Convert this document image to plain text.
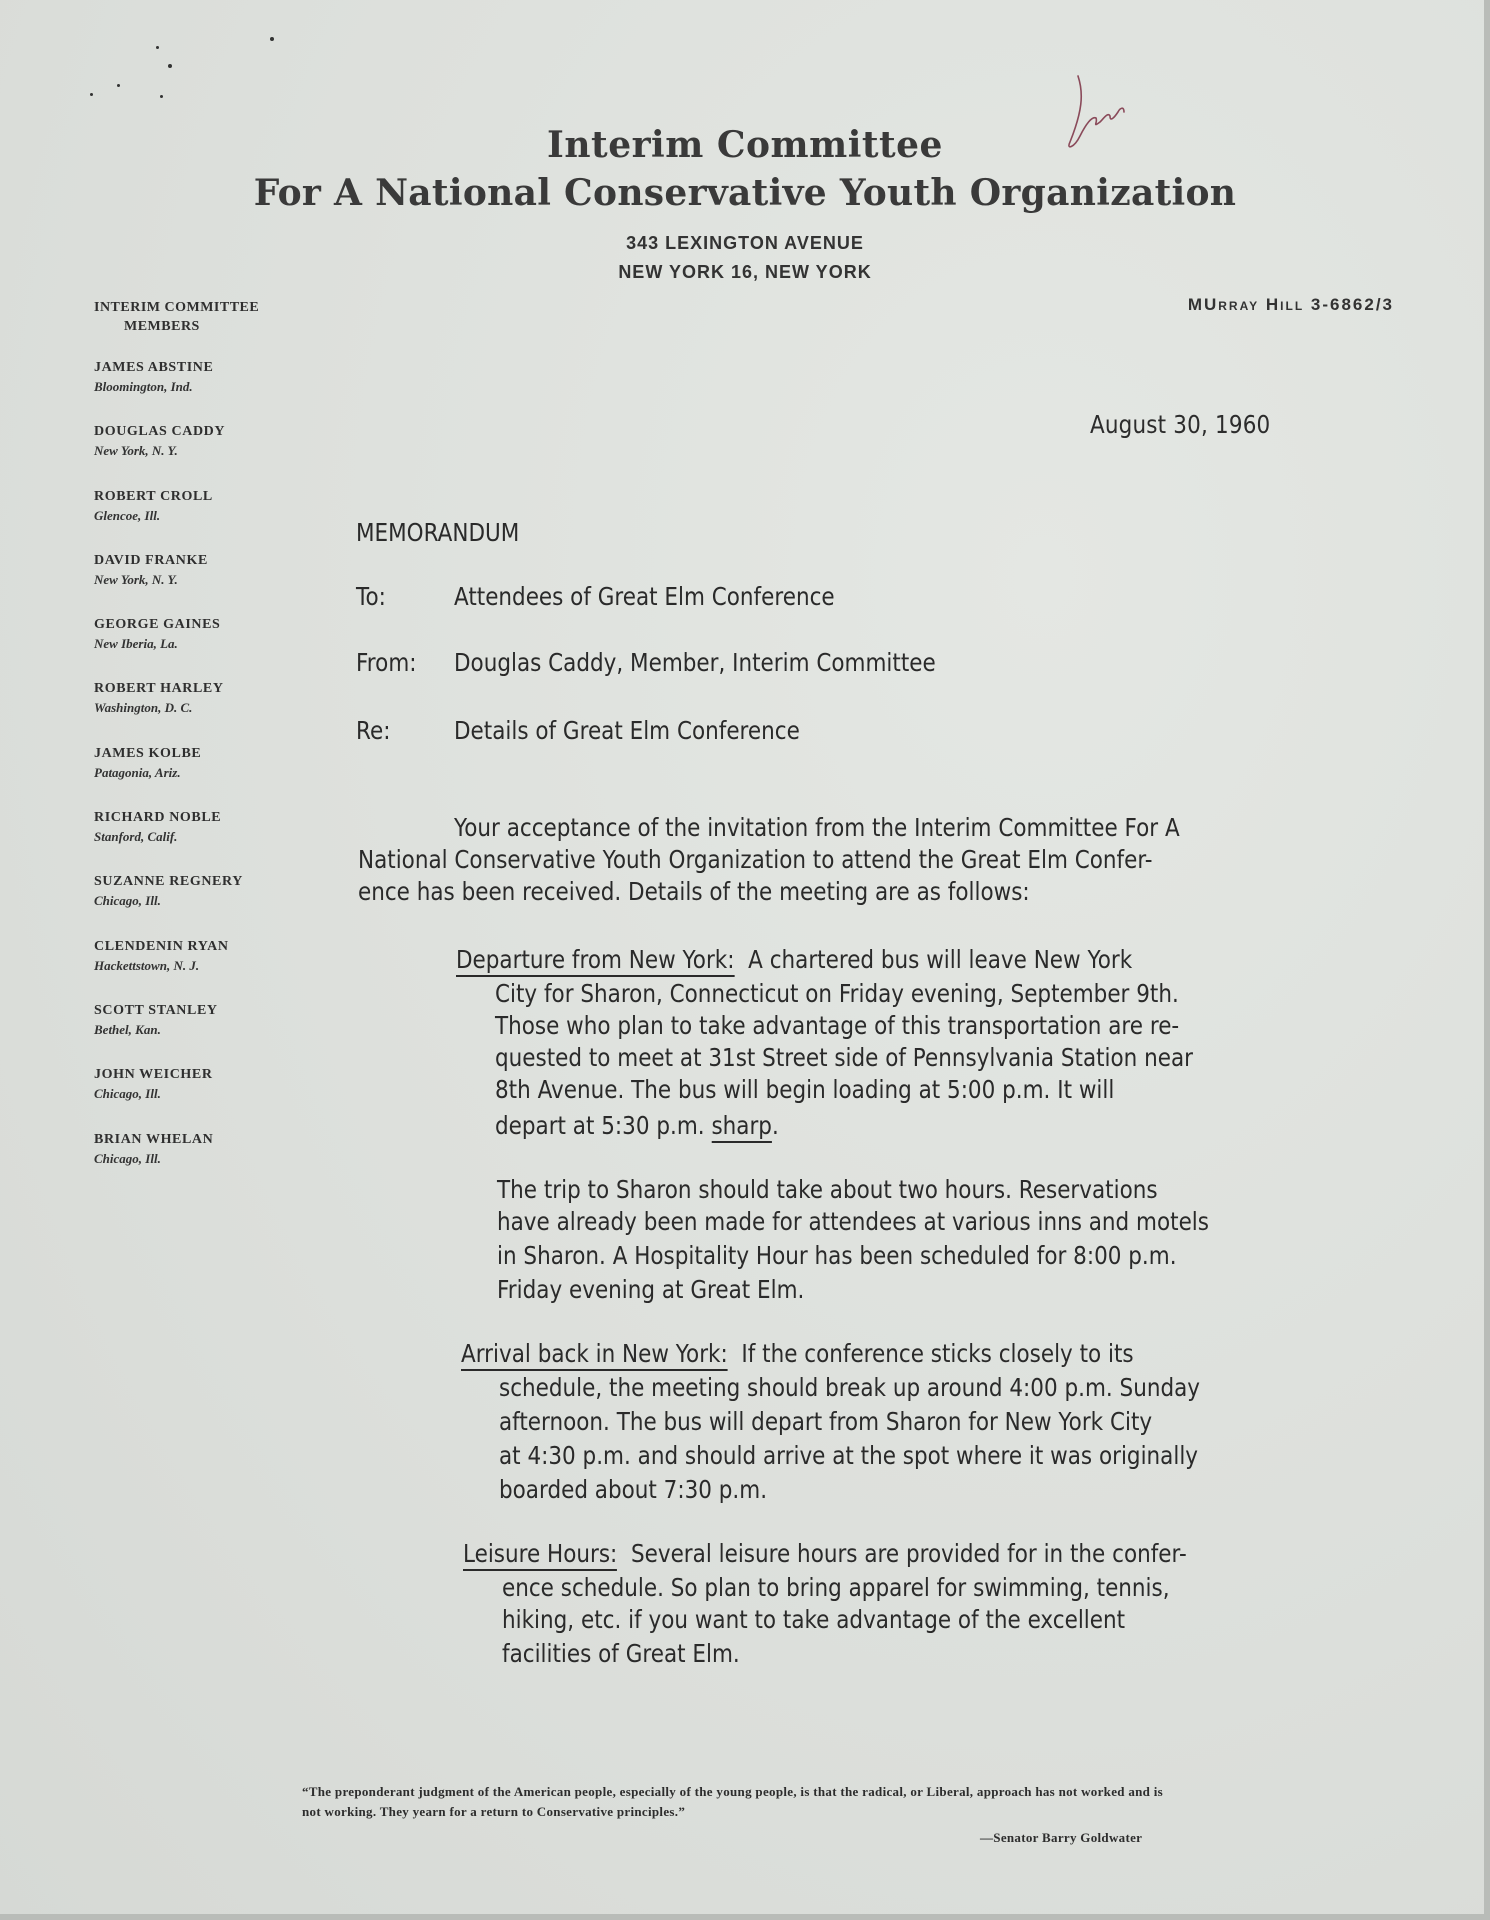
Interim Committee
For A National Conservative Youth Organization
343 LEXINGTON AVENUE
NEW YORK 16, NEW YORK
MUrray Hill 3-6862/3
INTERIM COMMITTEE
MEMBERS
JAMES ABSTINE
Bloomington, Ind.
DOUGLAS CADDY
New York, N. Y.
ROBERT CROLL
Glencoe, Ill.
DAVID FRANKE
New York, N. Y.
GEORGE GAINES
New Iberia, La.
ROBERT HARLEY
Washington, D. C.
JAMES KOLBE
Patagonia, Ariz.
RICHARD NOBLE
Stanford, Calif.
SUZANNE REGNERY
Chicago, Ill.
CLENDENIN RYAN
Hackettstown, N. J.
SCOTT STANLEY
Bethel, Kan.
JOHN WEICHER
Chicago, Ill.
BRIAN WHELAN
Chicago, Ill.
August 30, 1960
MEMORANDUM
To:	Attendees of Great Elm Conference
From: Douglas Caddy, Member, Interim Committee
Re:	Details of Great Elm Conference
Your acceptance of the invitation from the Interim Committee For A
National Conservative Youth Organization to attend the Great Elm Confer-
ence has been received. Details of the meeting are as follows:
Departure from New York: A chartered bus will leave New York
City for Sharon, Connecticut on Friday evening, September 9th.
Those who plan to take advantage of this transportation are re-
quested to meet at 31st Street side of Pennsylvania Station near
8th Avenue. The bus will begin loading at 5:00 p.m. It will
depart at 5:30 p.m. sharp.
The trip to Sharon should take about two hours. Reservations
have already been made for attendees at various inns and motels
in Sharon. A Hospitality Hour has been scheduled for 8:00 p.m.
Friday evening at Great Elm.
Arrival back in New York: If the conference sticks closely to its
schedule, the meeting should break up around 4:00 p.m. Sunday
afternoon. The bus will depart from Sharon for New York City
at 4:30 p.m. and should arrive at the spot where it was originally
boarded about 7:30 p.m.
Leisure Hours: Several leisure hours are provided for in the confer-
ence schedule. So plan to bring apparel for swimming, tennis,
hiking, etc. if you want to take advantage of the excellent
facilities of Great Elm.
“The preponderant judgment of the American people, especially of the young people, is that the radical, or Liberal, approach has not worked and is not working. They yearn for a return to Conservative principles.”
—Senator Barry Goldwater
